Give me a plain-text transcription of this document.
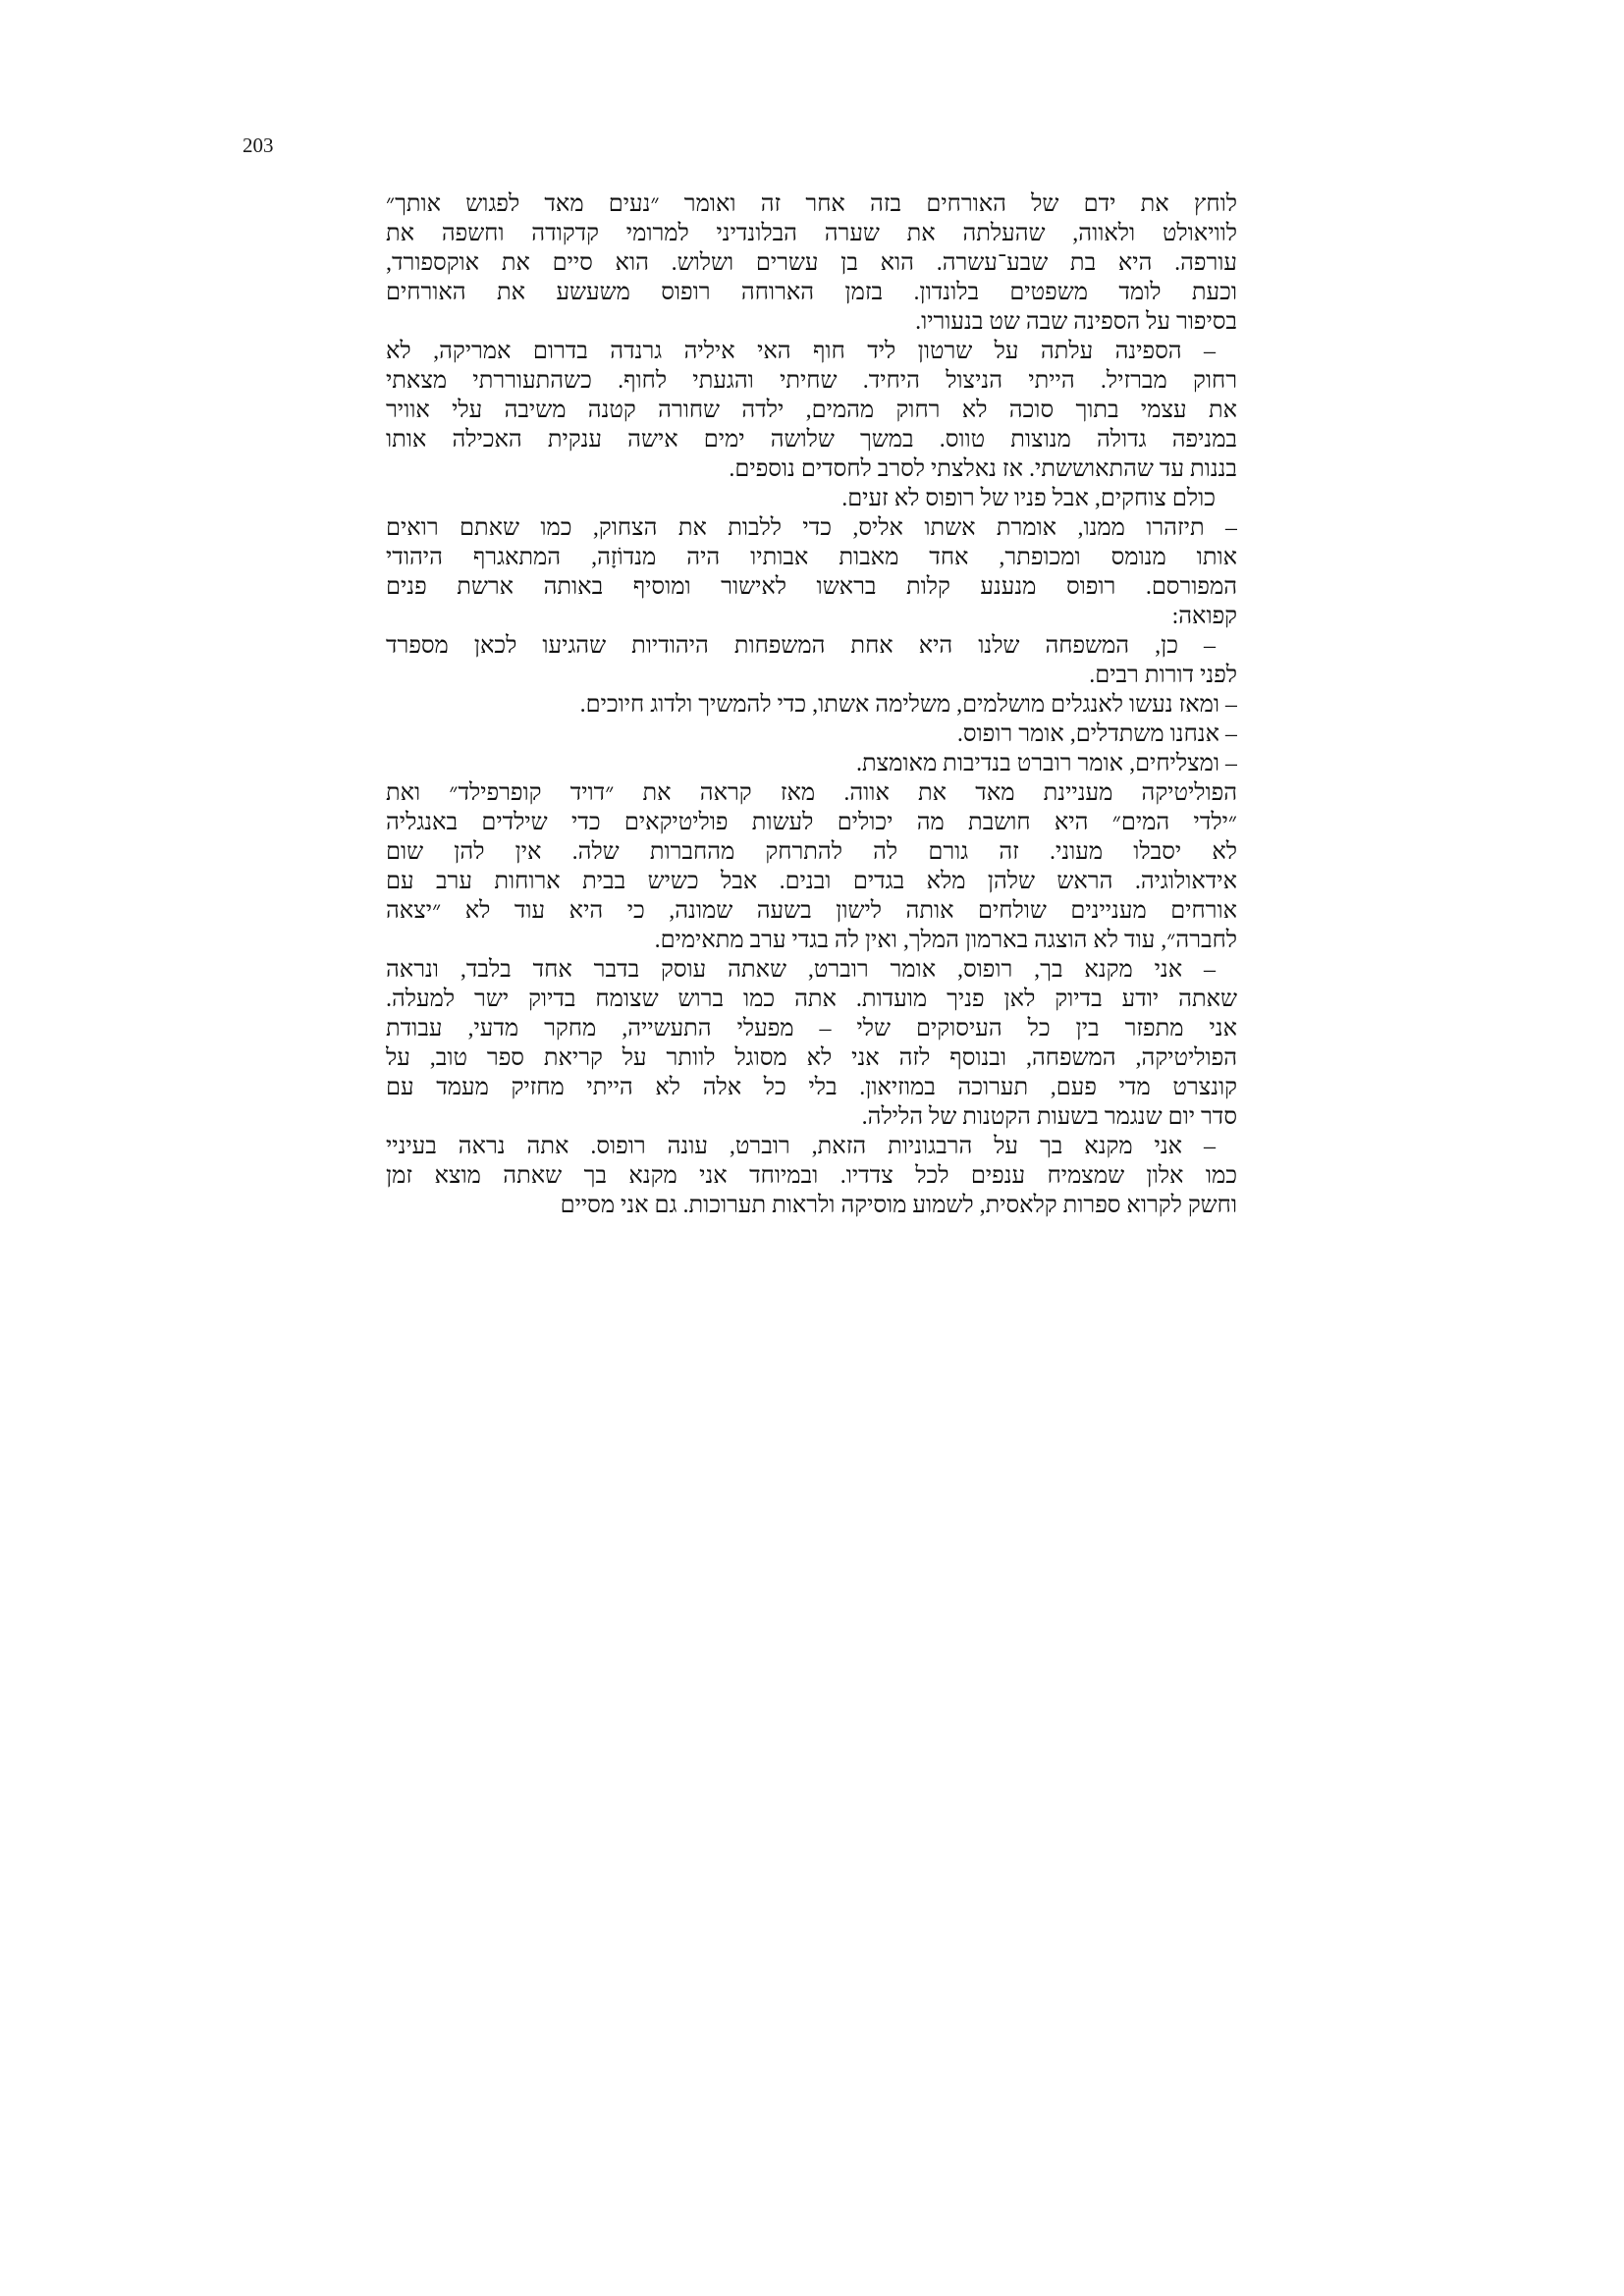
203
לוחץ את ידם של האורחים בזה אחר זה ואומר ״נעים מאד לפגוש אותך״
לוויאולט ולאווה, שהעלתה את שערה הבלונדיני למרומי קדקודה וחשפה את
עורפה. היא בת שבע־עשרה. הוא בן עשרים ושלוש. הוא סיים את אוקספורד,
וכעת לומד משפטים בלונדון. בזמן הארוחה רופוס משעשע את האורחים
בסיפור על הספינה שבה שט בנעוריו.
– הספינה עלתה על שרטון ליד חוף האי איליה גרנדה בדרום אמריקה, לא
רחוק מברזיל. הייתי הניצול היחיד. שחיתי והגעתי לחוף. כשהתעוררתי מצאתי
את עצמי בתוך סוכה לא רחוק מהמים, ילדה שחורה קטנה משיבה עלי אוויר
במניפה גדולה מנוצות טווס. במשך שלושה ימים אישה ענקית האכילה אותו
בננות עד שהתאוששתי. אז נאלצתי לסרב לחסדים נוספים.
כולם צוחקים, אבל פניו של רופוס לא זעים.
– תיזהרו ממנו, אומרת אשתו אליס, כדי ללבות את הצחוק, כמו שאתם רואים
אותו מנומס ומכופתר, אחד מאבות אבותיו היה מנדוֹזָה, המתאגרף היהודי
המפורסם. רופוס מנענע קלות בראשו לאישור ומוסיף באותה ארשת פנים
קפואה:
– כן, המשפחה שלנו היא אחת המשפחות היהודיות שהגיעו לכאן מספרד
לפני דורות רבים.
– ומאז נעשו לאנגלים מושלמים, משלימה אשתו, כדי להמשיך ולדוג חיוכים.
– אנחנו משתדלים, אומר רופוס.
– ומצליחים, אומר רוברט בנדיבות מאומצת.
הפוליטיקה מעניינת מאד את אווה. מאז קראה את ״דויד קופרפילד״ ואת
״ילדי המים״ היא חושבת מה יכולים לעשות פוליטיקאים כדי שילדים באנגליה
לא יסבלו מעוני. זה גורם לה להתרחק מהחברות שלה. אין להן שום
אידאולוגיה. הראש שלהן מלא בגדים ובנים. אבל כשיש בבית ארוחות ערב עם
אורחים מעניינים שולחים אותה לישון בשעה שמונה, כי היא עוד לא ״יצאה
לחברה״, עוד לא הוצגה בארמון המלך, ואין לה בגדי ערב מתאימים.
– אני מקנא בך, רופוס, אומר רוברט, שאתה עוסק בדבר אחד בלבד, ונראה
שאתה יודע בדיוק לאן פניך מועדות. אתה כמו ברוש שצומח בדיוק ישר למעלה.
אני מתפזר בין כל העיסוקים שלי – מפעלי התעשייה, מחקר מדעי, עבודת
הפוליטיקה, המשפחה, ובנוסף לזה אני לא מסוגל לוותר על קריאת ספר טוב, על
קונצרט מדי פעם, תערוכה במוזיאון. בלי כל אלה לא הייתי מחזיק מעמד עם
סדר יום שנגמר בשעות הקטנות של הלילה.
– אני מקנא בך על הרבגוניות הזאת, רוברט, עונה רופוס. אתה נראה בעיניי
כמו אלון שמצמיח ענפים לכל צדדיו. ובמיוחד אני מקנא בך שאתה מוצא זמן
וחשק לקרוא ספרות קלאסית, לשמוע מוסיקה ולראות תערוכות. גם אני מסיים
